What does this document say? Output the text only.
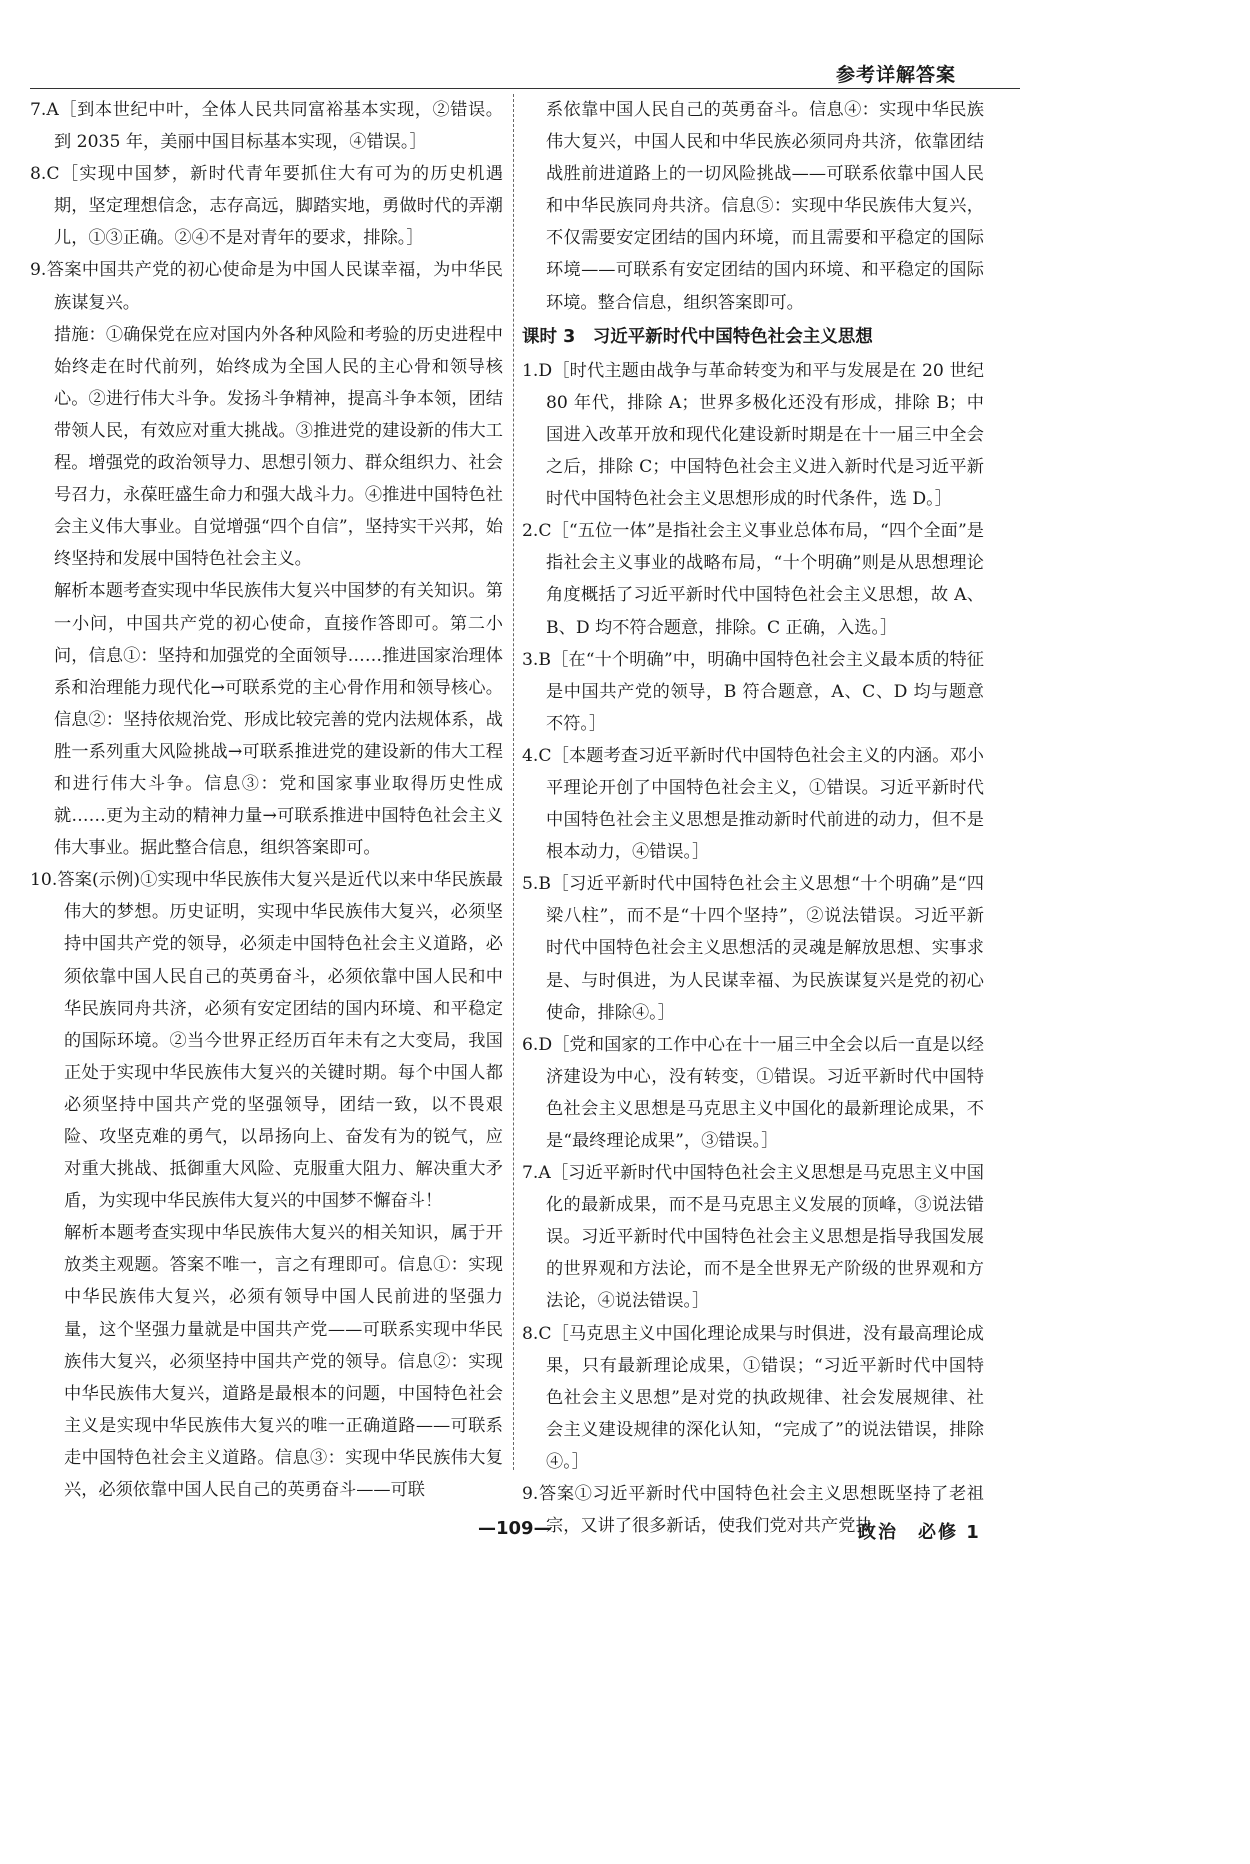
参考详解答案

7.A［到本世纪中叶，全体人民共同富裕基本实现，②错误。到 2035 年，美丽中国目标基本实现，④错误。］

8.C［实现中国梦，新时代青年要抓住大有可为的历史机遇期，坚定理想信念，志存高远，脚踏实地，勇做时代的弄潮儿，①③正确。②④不是对青年的要求，排除。］

9.答案中国共产党的初心使命是为中国人民谋幸福，为中华民族谋复兴。

措施：①确保党在应对国内外各种风险和考验的历史进程中始终走在时代前列，始终成为全国人民的主心骨和领导核心。②进行伟大斗争。发扬斗争精神，提高斗争本领，团结带领人民，有效应对重大挑战。③推进党的建设新的伟大工程。增强党的政治领导力、思想引领力、群众组织力、社会号召力，永葆旺盛生命力和强大战斗力。④推进中国特色社会主义伟大事业。自觉增强“四个自信”，坚持实干兴邦，始终坚持和发展中国特色社会主义。

解析本题考查实现中华民族伟大复兴中国梦的有关知识。第一小问，中国共产党的初心使命，直接作答即可。第二小问，信息①：坚持和加强党的全面领导……推进国家治理体系和治理能力现代化→可联系党的主心骨作用和领导核心。信息②：坚持依规治党、形成比较完善的党内法规体系，战胜一系列重大风险挑战→可联系推进党的建设新的伟大工程和进行伟大斗争。信息③：党和国家事业取得历史性成就……更为主动的精神力量→可联系推进中国特色社会主义伟大事业。据此整合信息，组织答案即可。

10.答案(示例)①实现中华民族伟大复兴是近代以来中华民族最伟大的梦想。历史证明，实现中华民族伟大复兴，必须坚持中国共产党的领导，必须走中国特色社会主义道路，必须依靠中国人民自己的英勇奋斗，必须依靠中国人民和中华民族同舟共济，必须有安定团结的国内环境、和平稳定的国际环境。②当今世界正经历百年未有之大变局，我国正处于实现中华民族伟大复兴的关键时期。每个中国人都必须坚持中国共产党的坚强领导，团结一致，以不畏艰险、攻坚克难的勇气，以昂扬向上、奋发有为的锐气，应对重大挑战、抵御重大风险、克服重大阻力、解决重大矛盾，为实现中华民族伟大复兴的中国梦不懈奋斗！

解析本题考查实现中华民族伟大复兴的相关知识，属于开放类主观题。答案不唯一，言之有理即可。信息①：实现中华民族伟大复兴，必须有领导中国人民前进的坚强力量，这个坚强力量就是中国共产党——可联系实现中华民族伟大复兴，必须坚持中国共产党的领导。信息②：实现中华民族伟大复兴，道路是最根本的问题，中国特色社会主义是实现中华民族伟大复兴的唯一正确道路——可联系走中国特色社会主义道路。信息③：实现中华民族伟大复兴，必须依靠中国人民自己的英勇奋斗——可联

系依靠中国人民自己的英勇奋斗。信息④：实现中华民族伟大复兴，中国人民和中华民族必须同舟共济，依靠团结战胜前进道路上的一切风险挑战——可联系依靠中国人民和中华民族同舟共济。信息⑤：实现中华民族伟大复兴，不仅需要安定团结的国内环境，而且需要和平稳定的国际环境——可联系有安定团结的国内环境、和平稳定的国际环境。整合信息，组织答案即可。

课时 3　习近平新时代中国特色社会主义思想

1.D［时代主题由战争与革命转变为和平与发展是在 20 世纪 80 年代，排除 A；世界多极化还没有形成，排除 B；中国进入改革开放和现代化建设新时期是在十一届三中全会之后，排除 C；中国特色社会主义进入新时代是习近平新时代中国特色社会主义思想形成的时代条件，选 D。］

2.C［“五位一体”是指社会主义事业总体布局，“四个全面”是指社会主义事业的战略布局，“十个明确”则是从思想理论角度概括了习近平新时代中国特色社会主义思想，故 A、B、D 均不符合题意，排除。C 正确，入选。］

3.B［在“十个明确”中，明确中国特色社会主义最本质的特征是中国共产党的领导，B 符合题意，A、C、D 均与题意不符。］

4.C［本题考查习近平新时代中国特色社会主义的内涵。邓小平理论开创了中国特色社会主义，①错误。习近平新时代中国特色社会主义思想是推动新时代前进的动力，但不是根本动力，④错误。］

5.B［习近平新时代中国特色社会主义思想“十个明确”是“四梁八柱”，而不是“十四个坚持”，②说法错误。习近平新时代中国特色社会主义思想活的灵魂是解放思想、实事求是、与时俱进，为人民谋幸福、为民族谋复兴是党的初心使命，排除④。］

6.D［党和国家的工作中心在十一届三中全会以后一直是以经济建设为中心，没有转变，①错误。习近平新时代中国特色社会主义思想是马克思主义中国化的最新理论成果，不是“最终理论成果”，③错误。］

7.A［习近平新时代中国特色社会主义思想是马克思主义中国化的最新成果，而不是马克思主义发展的顶峰，③说法错误。习近平新时代中国特色社会主义思想是指导我国发展的世界观和方法论，而不是全世界无产阶级的世界观和方法论，④说法错误。］

8.C［马克思主义中国化理论成果与时俱进，没有最高理论成果，只有最新理论成果，①错误；“习近平新时代中国特色社会主义思想”是对党的执政规律、社会发展规律、社会主义建设规律的深化认知，“完成了”的说法错误，排除④。］

9.答案①习近平新时代中国特色社会主义思想既坚持了老祖宗，又讲了很多新话，使我们党对共产党执

—109—	政治　必修 1
